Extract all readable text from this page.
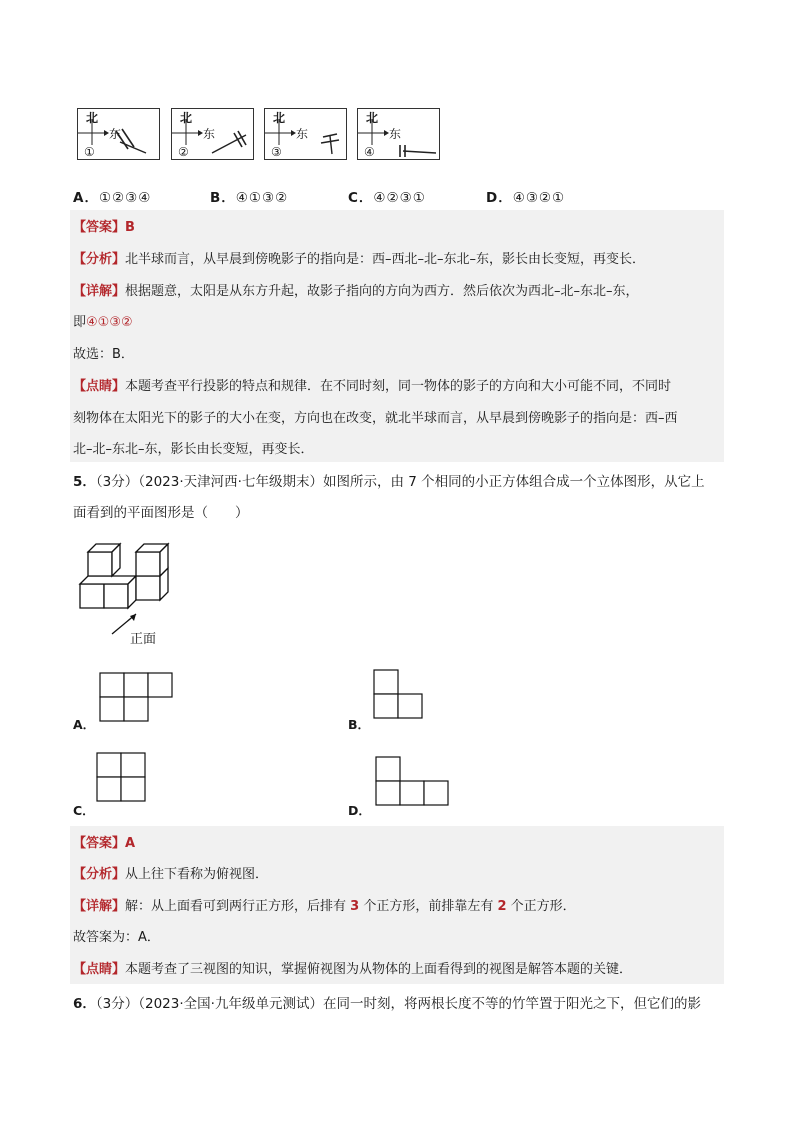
北
东
①
北
东
②
北
东
③
北
东
④
A．①②③④	B．④①③②	C．④②③①	D．④③②①
【答案】B
【分析】北半球而言，从早晨到傍晚影子的指向是：西–西北–北–东北–东，影长由长变短，再变长．
【详解】根据题意，太阳是从东方升起，故影子指向的方向为西方．然后依次为西北–北–东北–东，
即④①③②
故选：B．
【点睛】本题考查平行投影的特点和规律．在不同时刻，同一物体的影子的方向和大小可能不同，不同时
刻物体在太阳光下的影子的大小在变，方向也在改变，就北半球而言，从早晨到傍晚影子的指向是：西–西
北–北–东北–东，影长由长变短，再变长．
5．（3分）（2023·天津河西·七年级期末）如图所示，由 7 个相同的小正方体组合成一个立体图形，从它上
面看到的平面图形是（　　）
正面
A．	B．
C．	D．
【答案】A
【分析】从上往下看称为俯视图．
【详解】解：从上面看可到两行正方形，后排有 3 个正方形，前排靠左有 2 个正方形．
故答案为：A．
【点睛】本题考查了三视图的知识，掌握俯视图为从物体的上面看得到的视图是解答本题的关键．
6．（3分）（2023·全国·九年级单元测试）在同一时刻，将两根长度不等的竹竿置于阳光之下，但它们的影
